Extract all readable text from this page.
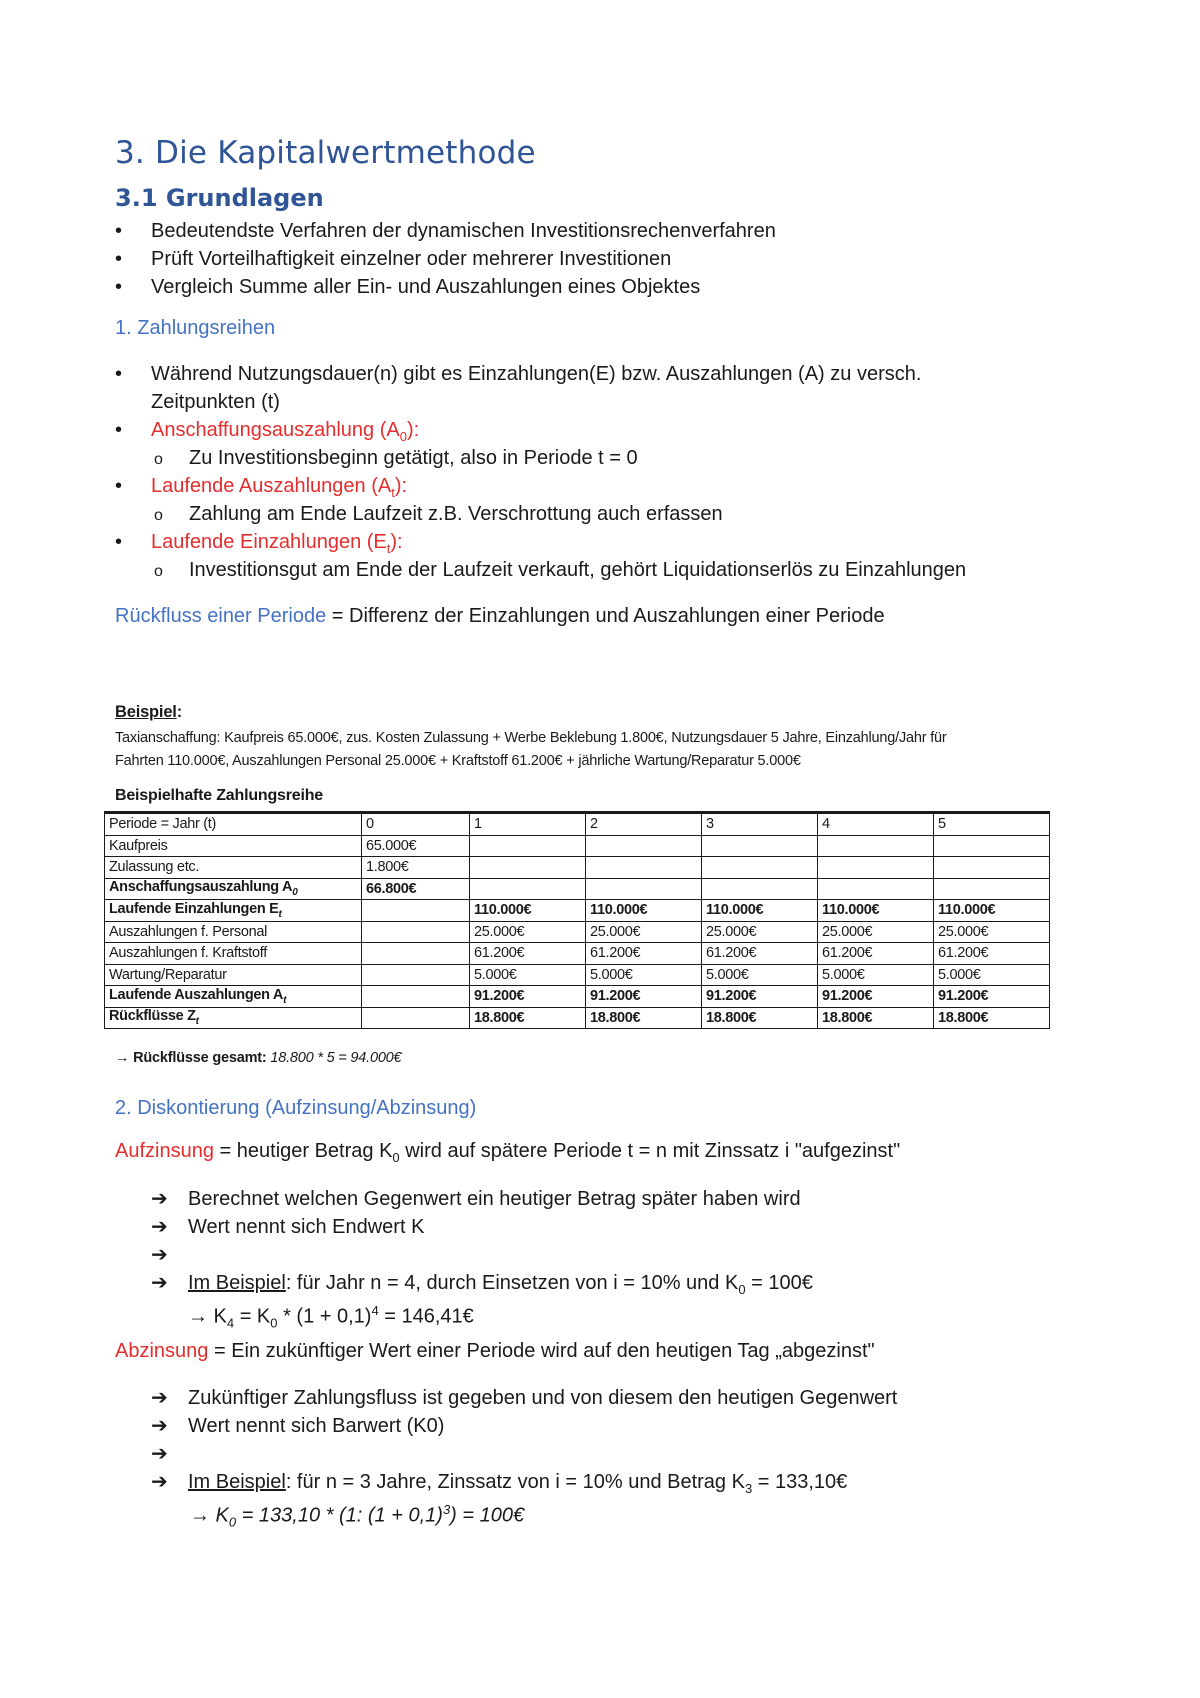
3. Die Kapitalwertmethode
3.1 Grundlagen
• Bedeutendste Verfahren der dynamischen Investitionsrechenverfahren
• Prüft Vorteilhaftigkeit einzelner oder mehrerer Investitionen
• Vergleich Summe aller Ein- und Auszahlungen eines Objektes
1. Zahlungsreihen
• Während Nutzungsdauer(n) gibt es Einzahlungen(E) bzw. Auszahlungen (A) zu versch.
Zeitpunkten (t)
• Anschaffungsauszahlung $(A_0)$:
o Zu Investitionsbeginn getätigt, also in Periode t = 0
• Laufende Auszahlungen $(A_t)$:
o Zahlung am Ende Laufzeit z.B. Verschrottung auch erfassen
• Laufende Einzahlungen $(E_t)$:
o Investitionsgut am Ende der Laufzeit verkauft, gehört Liquidationserlös zu Einzahlungen
Rückfluss einer Periode = Differenz der Einzahlungen und Auszahlungen einer Periode
Beispiel:
Taxianschaffung: Kaufpreis 65.000€, zus. Kosten Zulassung + Werbe Beklebung 1.800€, Nutzungsdauer 5 Jahre, Einzahlung/Jahr für
Fahrten 110.000€, Auszahlungen Personal 25.000€ + Kraftstoff 61.200€ + jährliche Wartung/Reparatur 5.000€
Beispielhafte Zahlungsreihe
Periode = Jahr (t)	0	1	2	3	4	5
Kaufpreis	65.000€					
Zulassung etc.	1.800€					
Anschaffungsauszahlung $A_0$	66.800€					
Laufende Einzahlungen $E_t$		110.000€	110.000€	110.000€	110.000€	110.000€
Auszahlungen f. Personal		25.000€	25.000€	25.000€	25.000€	25.000€
Auszahlungen f. Kraftstoff		61.200€	61.200€	61.200€	61.200€	61.200€
Wartung/Reparatur		5.000€	5.000€	5.000€	5.000€	5.000€
Laufende Auszahlungen $A_t$		91.200€	91.200€	91.200€	91.200€	91.200€
Rückflüsse $Z_t$		18.800€	18.800€	18.800€	18.800€	18.800€
→ Rückflüsse gesamt: 18.800 * 5 = 94.000€
2. Diskontierung (Aufzinsung/Abzinsung)
Aufzinsung = heutiger Betrag $K_0$ wird auf spätere Periode t = n mit Zinssatz i "aufgezinst"
➔ Berechnet welchen Gegenwert ein heutiger Betrag später haben wird
➔ Wert nennt sich Endwert K
➔
➔ Im Beispiel: für Jahr n = 4, durch Einsetzen von i = 10% und $K_0$ = 100€
→ $K_4 = K_0 * (1 + 0,1)^4$ = 146,41€
Abzinsung = Ein zukünftiger Wert einer Periode wird auf den heutigen Tag „abgezinst"
➔ Zukünftiger Zahlungsfluss ist gegeben und von diesem den heutigen Gegenwert
➔ Wert nennt sich Barwert (K0)
➔
➔ Im Beispiel: für n = 3 Jahre, Zinssatz von i = 10% und Betrag $K_3$ = 133,10€
→ $K_0 = 133,10 * (1$: $(1 + 0,1)^3$) = 100€
